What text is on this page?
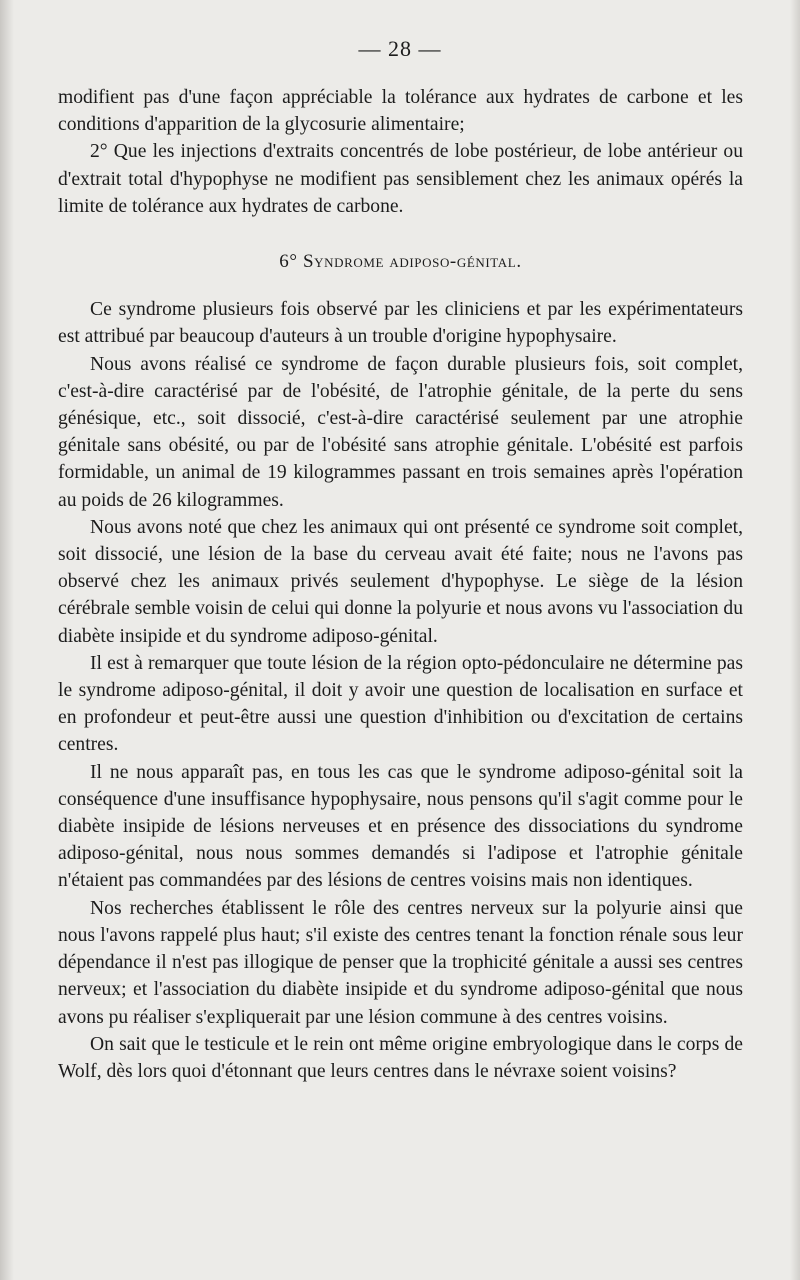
— 28 —

modifient pas d'une façon appréciable la tolérance aux hydrates de carbone et les conditions d'apparition de la glycosurie alimentaire;

2° Que les injections d'extraits concentrés de lobe postérieur, de lobe antérieur ou d'extrait total d'hypophyse ne modifient pas sensiblement chez les animaux opérés la limite de tolérance aux hydrates de carbone.

6° Syndrome adiposo-génital.

Ce syndrome plusieurs fois observé par les cliniciens et par les expérimentateurs est attribué par beaucoup d'auteurs à un trouble d'origine hypophysaire.

Nous avons réalisé ce syndrome de façon durable plusieurs fois, soit complet, c'est-à-dire caractérisé par de l'obésité, de l'atrophie génitale, de la perte du sens génésique, etc., soit dissocié, c'est-à-dire caractérisé seulement par une atrophie génitale sans obésité, ou par de l'obésité sans atrophie génitale. L'obésité est parfois formidable, un animal de 19 kilogrammes passant en trois semaines après l'opération au poids de 26 kilogrammes.

Nous avons noté que chez les animaux qui ont présenté ce syndrome soit complet, soit dissocié, une lésion de la base du cerveau avait été faite; nous ne l'avons pas observé chez les animaux privés seulement d'hypophyse. Le siège de la lésion cérébrale semble voisin de celui qui donne la polyurie et nous avons vu l'association du diabète insipide et du syndrome adiposo-génital.

Il est à remarquer que toute lésion de la région opto-pédonculaire ne détermine pas le syndrome adiposo-génital, il doit y avoir une question de localisation en surface et en profondeur et peut-être aussi une question d'inhibition ou d'excitation de certains centres.

Il ne nous apparaît pas, en tous les cas que le syndrome adiposo-génital soit la conséquence d'une insuffisance hypophysaire, nous pensons qu'il s'agit comme pour le diabète insipide de lésions nerveuses et en présence des dissociations du syndrome adiposo-génital, nous nous sommes demandés si l'adipose et l'atrophie génitale n'étaient pas commandées par des lésions de centres voisins mais non identiques.

Nos recherches établissent le rôle des centres nerveux sur la polyurie ainsi que nous l'avons rappelé plus haut; s'il existe des centres tenant la fonction rénale sous leur dépendance il n'est pas illogique de penser que la trophicité génitale a aussi ses centres nerveux; et l'association du diabète insipide et du syndrome adiposo-génital que nous avons pu réaliser s'expliquerait par une lésion commune à des centres voisins.

On sait que le testicule et le rein ont même origine embryologique dans le corps de Wolf, dès lors quoi d'étonnant que leurs centres dans le névraxe soient voisins?
